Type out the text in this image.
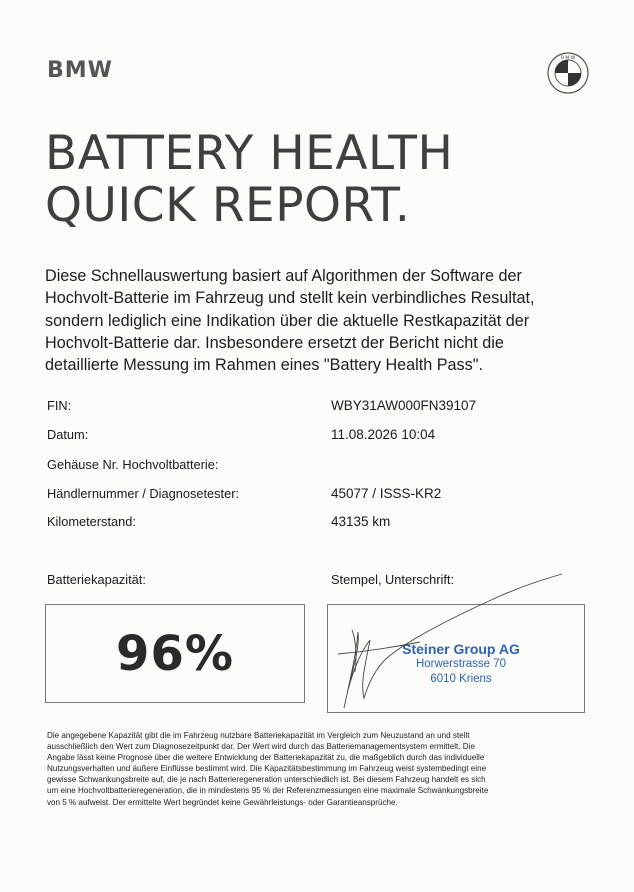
BMW	B M W
BATTERY HEALTH
QUICK REPORT.
Diese Schnellauswertung basiert auf Algorithmen der Software der
Hochvolt-Batterie im Fahrzeug und stellt kein verbindliches Resultat,
sondern lediglich eine Indikation über die aktuelle Restkapazität der
Hochvolt-Batterie dar. Insbesondere ersetzt der Bericht nicht die
detaillierte Messung im Rahmen eines "Battery Health Pass".
FIN:	WBY31AW000FN39107
Datum:	11.08.2026 10:04
Gehäuse Nr. Hochvoltbatterie:
Händlernummer / Diagnosetester:	45077 / ISSS-KR2
Kilometerstand:	43135 km
Batteriekapazität:	Stempel, Unterschrift:
96%	Steiner Group AG
Horwerstrasse 70
6010 Kriens
Die angegebene Kapazität gibt die im Fahrzeug nutzbare Batteriekapazität im Vergleich zum Neuzustand an und stellt
ausschließlich den Wert zum Diagnosezeitpunkt dar. Der Wert wird durch das Batteriemanagementsystem ermittelt. Die
Angabe lässt keine Prognose über die weitere Entwicklung der Batteriekapazität zu, die maßgeblich durch das individuelle
Nutzungsverhalten und äußere Einflüsse bestimmt wird. Die Kapazitätsbestimmung im Fahrzeug weist systembedingt eine
gewisse Schwankungsbreite auf, die je nach Batterieregeneration unterschiedlich ist. Bei diesem Fahrzeug handelt es sich
um eine Hochvoltbatterieregeneration, die in mindestens 95 % der Referenzmessungen eine maximale Schwankungsbreite
von 5 % aufweist. Der ermittelte Wert begründet keine Gewährleistungs- oder Garantieansprüche.
